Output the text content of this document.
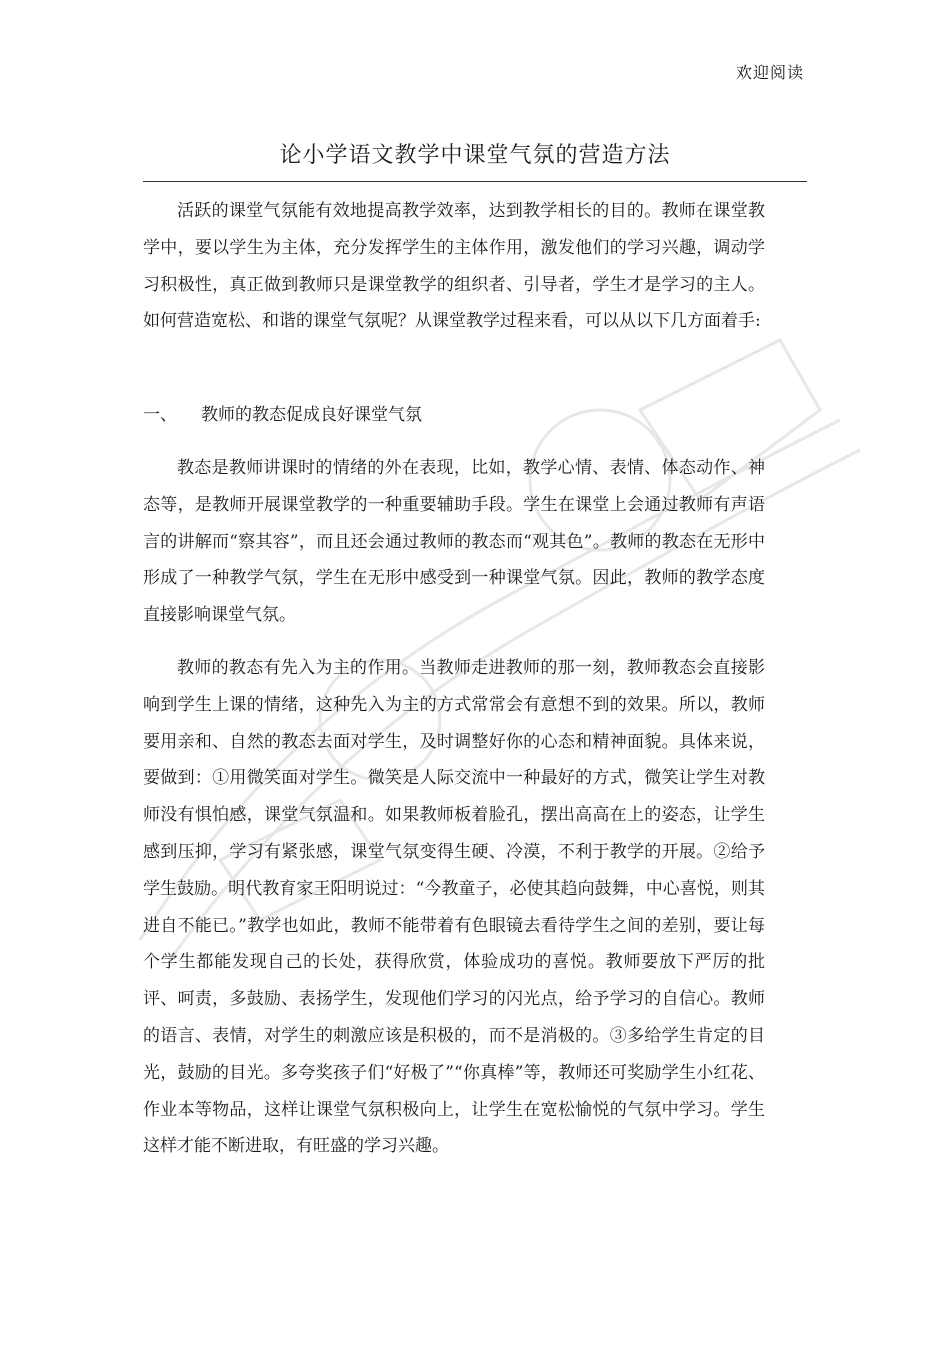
欢迎阅读
论小学语文教学中课堂气氛的营造方法

活跃的课堂气氛能有效地提高教学效率，达到教学相长的目的。教师在课堂教学中，要以学生为主体，充分发挥学生的主体作用，激发他们的学习兴趣，调动学习积极性，真正做到教师只是课堂教学的组织者、引导者，学生才是学习的主人。如何营造宽松、和谐的课堂气氛呢？从课堂教学过程来看，可以从以下几方面着手:

一、 教师的教态促成良好课堂气氛

教态是教师讲课时的情绪的外在表现，比如，教学心情、表情、体态动作、神态等，是教师开展课堂教学的一种重要辅助手段。学生在课堂上会通过教师有声语言的讲解而“察其容”，而且还会通过教师的教态而“观其色”。教师的教态在无形中形成了一种教学气氛，学生在无形中感受到一种课堂气氛。因此，教师的教学态度直接影响课堂气氛。

教师的教态有先入为主的作用。当教师走进教师的那一刻，教师教态会直接影响到学生上课的情绪，这种先入为主的方式常常会有意想不到的效果。所以，教师要用亲和、自然的教态去面对学生，及时调整好你的心态和精神面貌。具体来说，要做到：①用微笑面对学生。微笑是人际交流中一种最好的方式，微笑让学生对教师没有惧怕感，课堂气氛温和。如果教师板着脸孔，摆出高高在上的姿态，让学生感到压抑，学习有紧张感，课堂气氛变得生硬、冷漠，不利于教学的开展。②给予学生鼓励。明代教育家王阳明说过：“今教童子，必使其趋向鼓舞，中心喜悦，则其进自不能已。”教学也如此，教师不能带着有色眼镜去看待学生之间的差别，要让每个学生都能发现自己的长处，获得欣赏，体验成功的喜悦。教师要放下严厉的批评、呵责，多鼓励、表扬学生，发现他们学习的闪光点，给予学习的自信心。教师的语言、表情，对学生的刺激应该是积极的，而不是消极的。③多给学生肯定的目光，鼓励的目光。多夸奖孩子们“好极了”“你真棒”等，教师还可奖励学生小红花、作业本等物品，这样让课堂气氛积极向上，让学生在宽松愉悦的气氛中学习。学生这样才能不断进取，有旺盛的学习兴趣。
